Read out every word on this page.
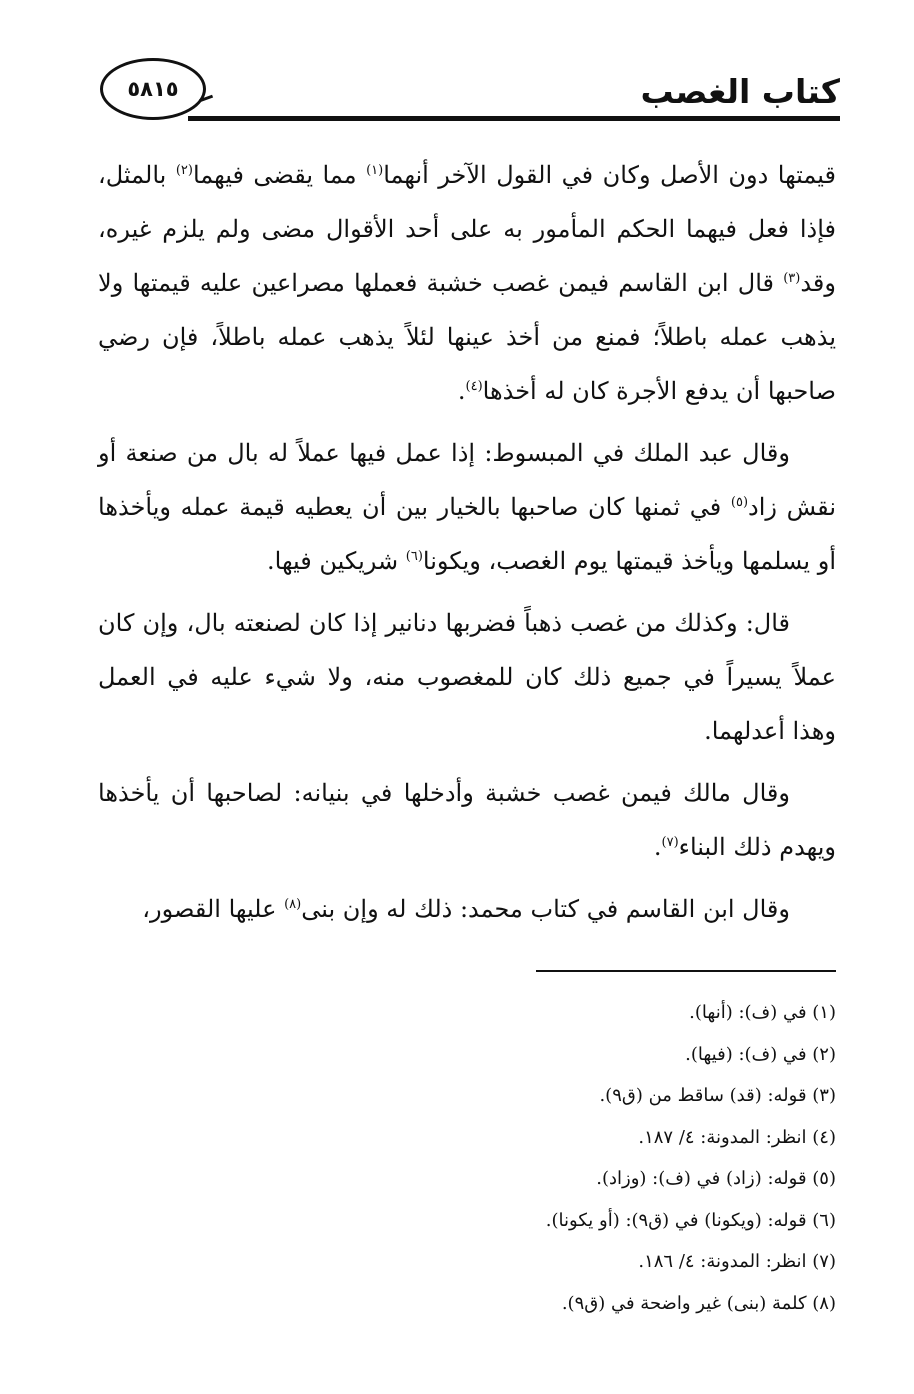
كتاب الغصب
٥٨١٥

قيمتها دون الأصل وكان في القول الآخر أنهما$^{(١)}$ مما يقضى فيهما$^{(٢)}$ بالمثل، فإذا فعل فيهما الحكم المأمور به على أحد الأقوال مضى ولم يلزم غيره، وقد$^{(٣)}$ قال ابن القاسم فيمن غصب خشبة فعملها مصراعين عليه قيمتها ولا يذهب عمله باطلاً؛ فمنع من أخذ عينها لئلاً يذهب عمله باطلاً، فإن رضي صاحبها أن يدفع الأجرة كان له أخذها$^{(٤)}$.

وقال عبد الملك في المبسوط: إذا عمل فيها عملاً له بال من صنعة أو نقش زاد$^{(٥)}$ في ثمنها كان صاحبها بالخيار بين أن يعطيه قيمة عمله ويأخذها أو يسلمها ويأخذ قيمتها يوم الغصب، ويكونا$^{(٦)}$ شريكين فيها.

قال: وكذلك من غصب ذهباً فضربها دنانير إذا كان لصنعته بال، وإن كان عملاً يسيراً في جميع ذلك كان للمغصوب منه، ولا شيء عليه في العمل وهذا أعدلهما.

وقال مالك فيمن غصب خشبة وأدخلها في بنيانه: لصاحبها أن يأخذها ويهدم ذلك البناء$^{(٧)}$.

وقال ابن القاسم في كتاب محمد: ذلك له وإن بنى$^{(٨)}$ عليها القصور،

(١) في (ف): (أنها).

(٢) في (ف): (فيها).

(٣) قوله: (قد) ساقط من (ق٩).

(٤) انظر: المدونة: ٤/ ١٨٧.

(٥) قوله: (زاد) في (ف): (وزاد).

(٦) قوله: (ويكونا) في (ق٩): (أو يكونا).

(٧) انظر: المدونة: ٤/ ١٨٦.

(٨) كلمة (بنى) غير واضحة في (ق٩).
